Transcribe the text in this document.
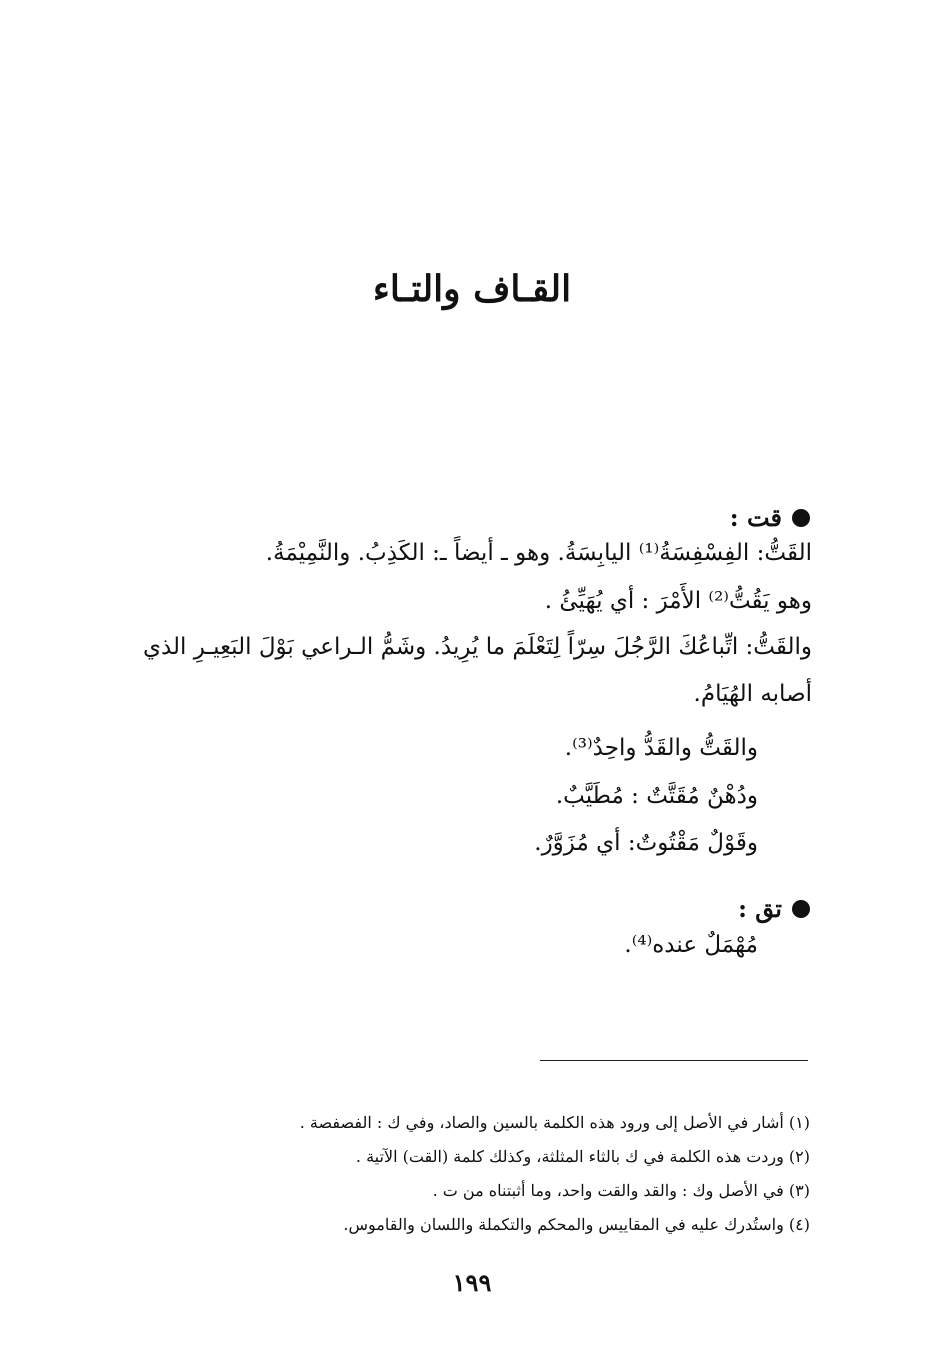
القـاف والتـاء
قت :
القَتُّ: الفِسْفِسَةُ⁽¹⁾ اليابِسَةُ. وهو ـ أيضاً ـ: الكَذِبُ. والنَّمِيْمَةُ.
وهو يَقُتُّ⁽²⁾ الأَمْرَ : أي يُهَيِّئُ .
والقَتُّ: اتِّباعُكَ الرَّجُلَ سِرّاً لِتَعْلَمَ ما يُرِيدُ. وشَمُّ الـراعي بَوْلَ البَعِيـرِ الذي
أصابه الهُيَامُ.
والقَتُّ والقَدُّ واحِدٌ⁽³⁾.
ودُهْنٌ مُقَتَّتٌ : مُطَيَّبٌ.
وقَوْلٌ مَقْتُوتٌ: أي مُزَوَّرٌ.
تق :
مُهْمَلٌ عنده⁽⁴⁾.
(١) أشار في الأصل إلى ورود هذه الكلمة بالسين والصاد، وفي ك : الفصفصة .
(٢) وردت هذه الكلمة في ك بالثاء المثلثة، وكذلك كلمة (القت) الآتية .
(٣) في الأصل وك : والقد والقت واحد، وما أثبتناه من ت .
(٤) واستُدرك عليه في المقاييس والمحكم والتكملة واللسان والقاموس.
١٩٩
